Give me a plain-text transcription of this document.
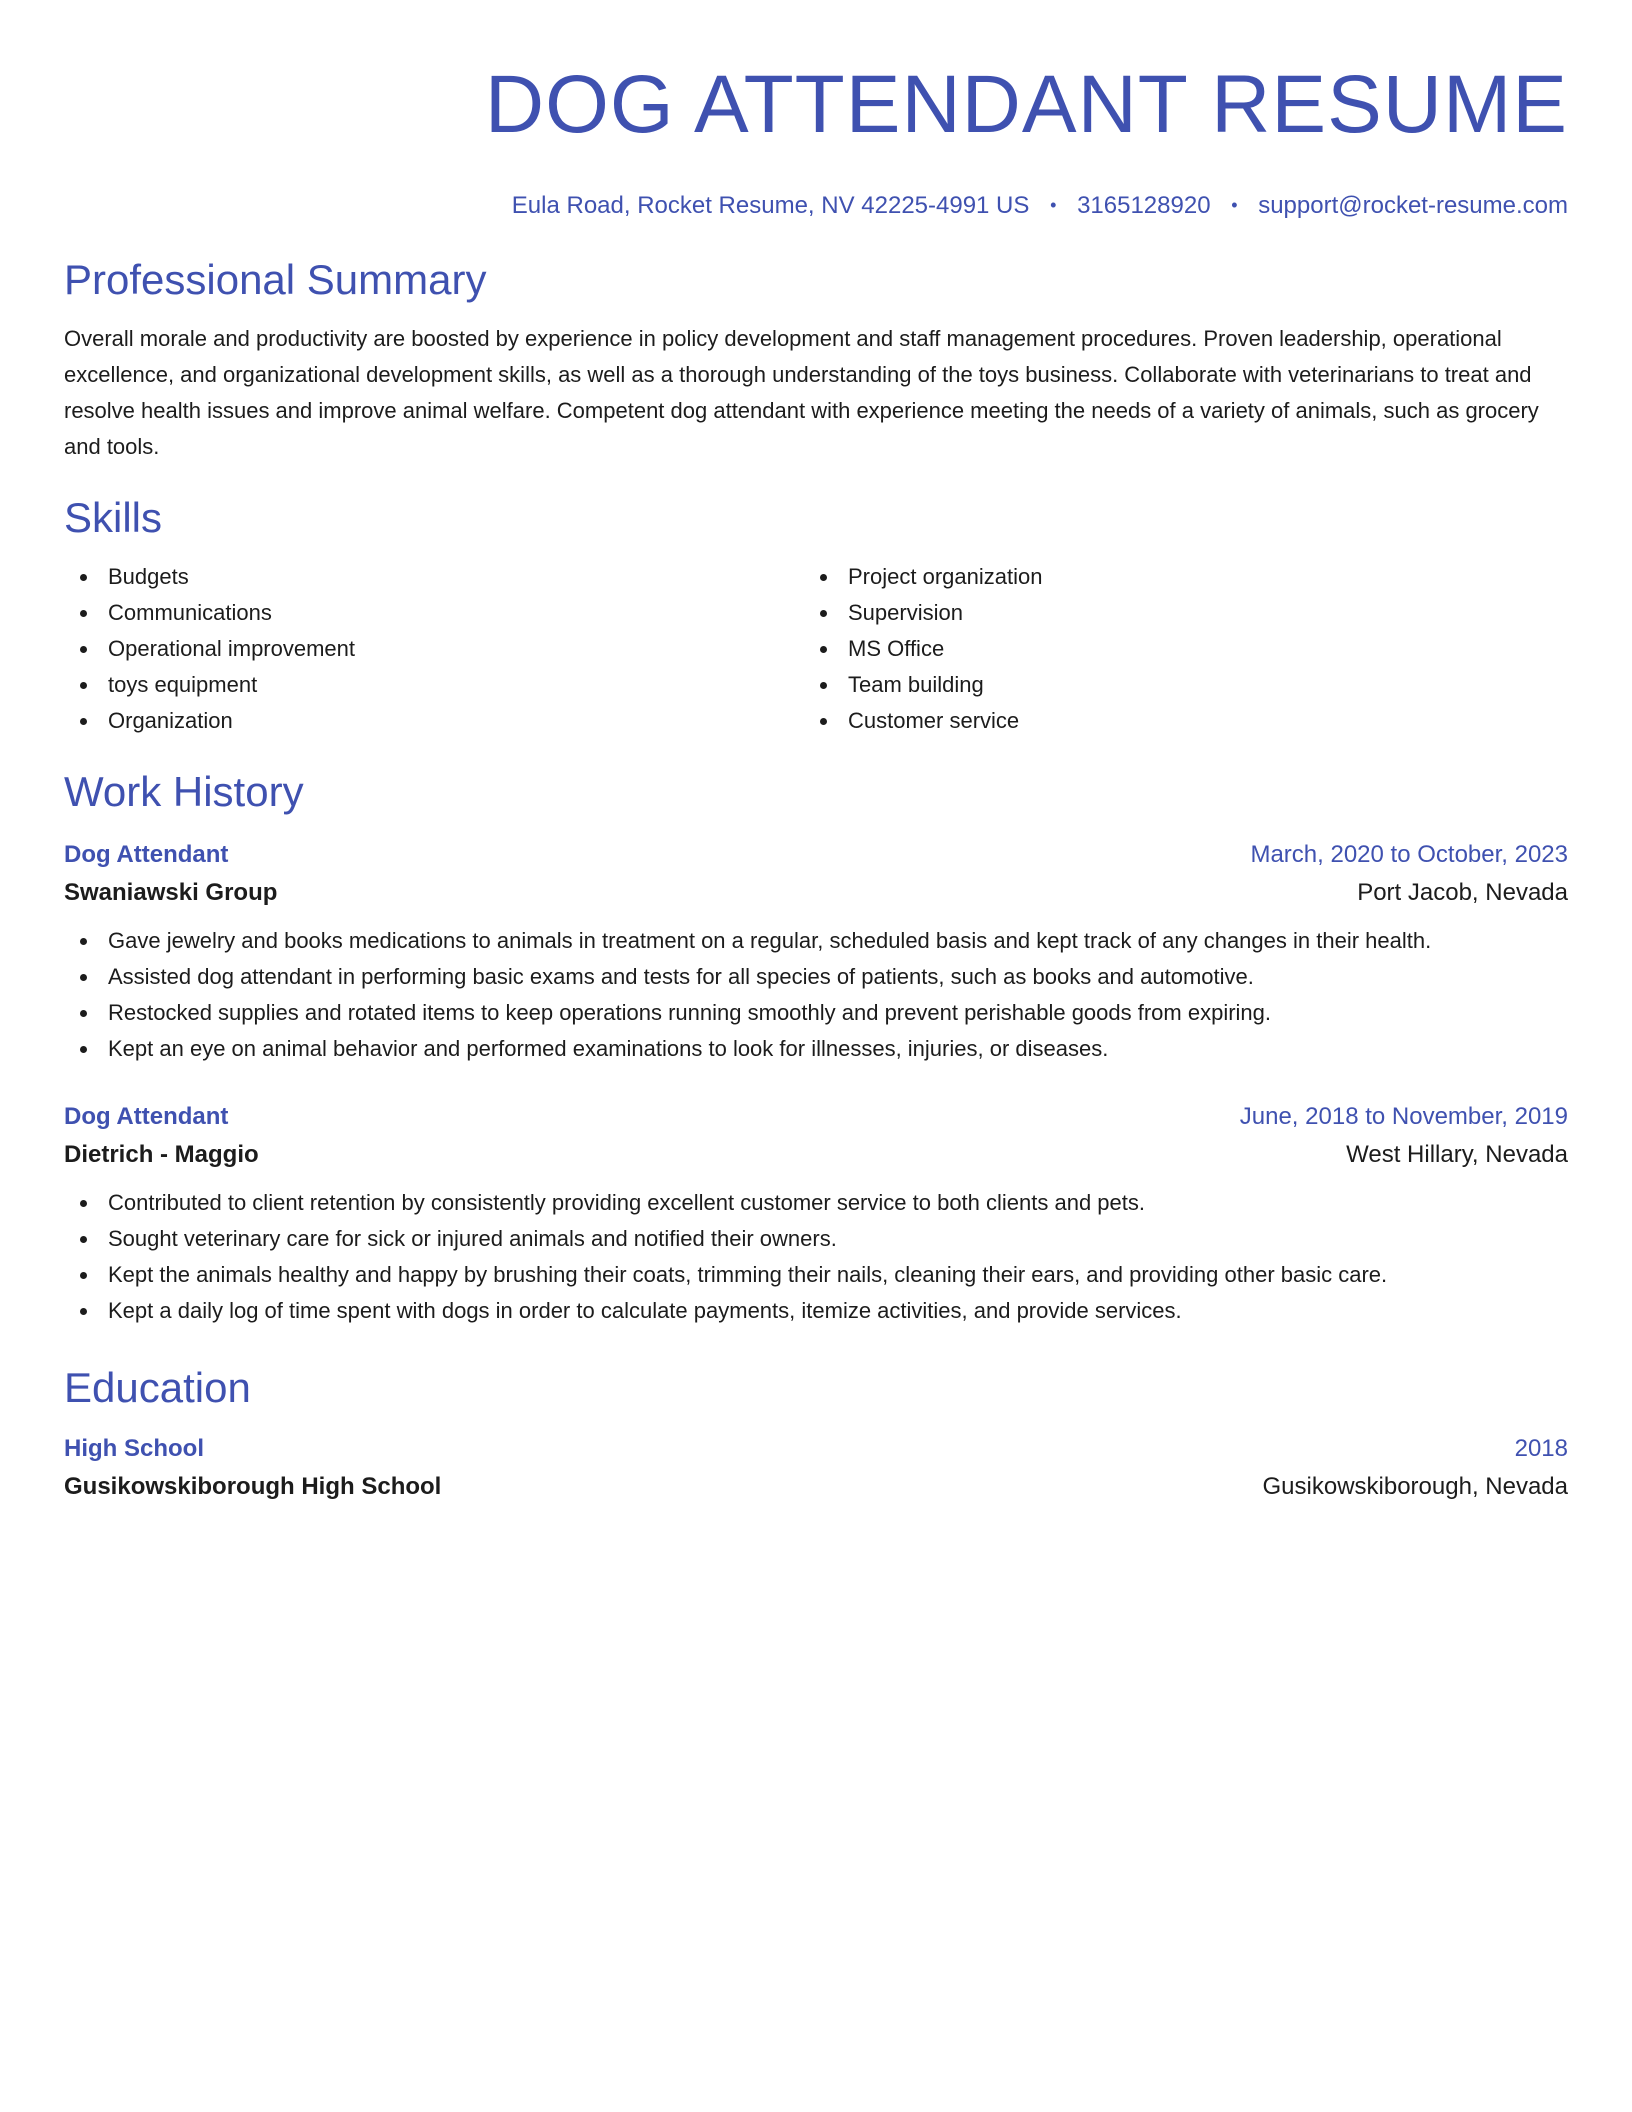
DOG ATTENDANT RESUME
Eula Road, Rocket Resume, NV 42225-4991 US • 3165128920 • support@rocket-resume.com
Professional Summary
Overall morale and productivity are boosted by experience in policy development and staff management procedures. Proven leadership, operational excellence, and organizational development skills, as well as a thorough understanding of the toys business. Collaborate with veterinarians to treat and resolve health issues and improve animal welfare. Competent dog attendant with experience meeting the needs of a variety of animals, such as grocery and tools.
Skills
Budgets
Communications
Operational improvement
toys equipment
Organization
Project organization
Supervision
MS Office
Team building
Customer service
Work History
Dog Attendant	March, 2020 to October, 2023
Swaniawski Group	Port Jacob, Nevada
Gave jewelry and books medications to animals in treatment on a regular, scheduled basis and kept track of any changes in their health.
Assisted dog attendant in performing basic exams and tests for all species of patients, such as books and automotive.
Restocked supplies and rotated items to keep operations running smoothly and prevent perishable goods from expiring.
Kept an eye on animal behavior and performed examinations to look for illnesses, injuries, or diseases.
Dog Attendant	June, 2018 to November, 2019
Dietrich - Maggio	West Hillary, Nevada
Contributed to client retention by consistently providing excellent customer service to both clients and pets.
Sought veterinary care for sick or injured animals and notified their owners.
Kept the animals healthy and happy by brushing their coats, trimming their nails, cleaning their ears, and providing other basic care.
Kept a daily log of time spent with dogs in order to calculate payments, itemize activities, and provide services.
Education
High School	2018
Gusikowskiborough High School	Gusikowskiborough, Nevada
